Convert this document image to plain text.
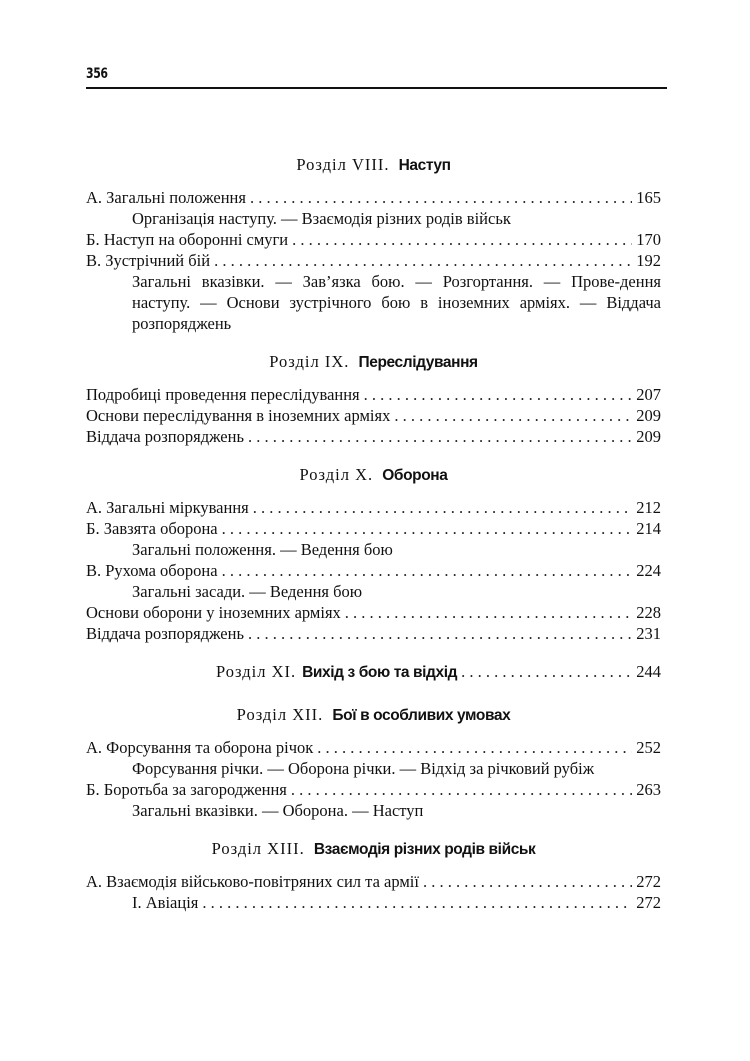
356
Розділ VIII. Наступ
А. Загальні положення . . .	165
Організація наступу. — Взаємодія різних родів військ
Б. Наступ на оборонні смуги . . .	170
В. Зустрічний бій . . .	192
Загальні вказівки. — Зав’язка бою. — Розгортання. — Прове-дення наступу. — Основи зустрічного бою в іноземних арміях. — Віддача розпоряджень
Розділ IX. Переслідування
Подробиці проведення переслідування . . .	207
Основи переслідування в іноземних арміях . . .	209
Віддача розпоряджень . . .	209
Розділ X. Оборона
А. Загальні міркування . . .	212
Б. Завзята оборона . . .	214
Загальні положення. — Ведення бою
В. Рухома оборона . . .	224
Загальні засади. — Ведення бою
Основи оборони у іноземних арміях . . .	228
Віддача розпоряджень . . .	231
Розділ XI. Вихід з бою та відхід . . .	244
Розділ XII. Бої в особливих умовах
А. Форсування та оборона річок . . .	252
Форсування річки. — Оборона річки. — Відхід за річковий рубіж
Б. Боротьба за загородження . . .	263
Загальні вказівки. — Оборона. — Наступ
Розділ XIII. Взаємодія різних родів військ
А. Взаємодія військово-повітряних сил та армії . . .	272
I. Авіація . . .	272
